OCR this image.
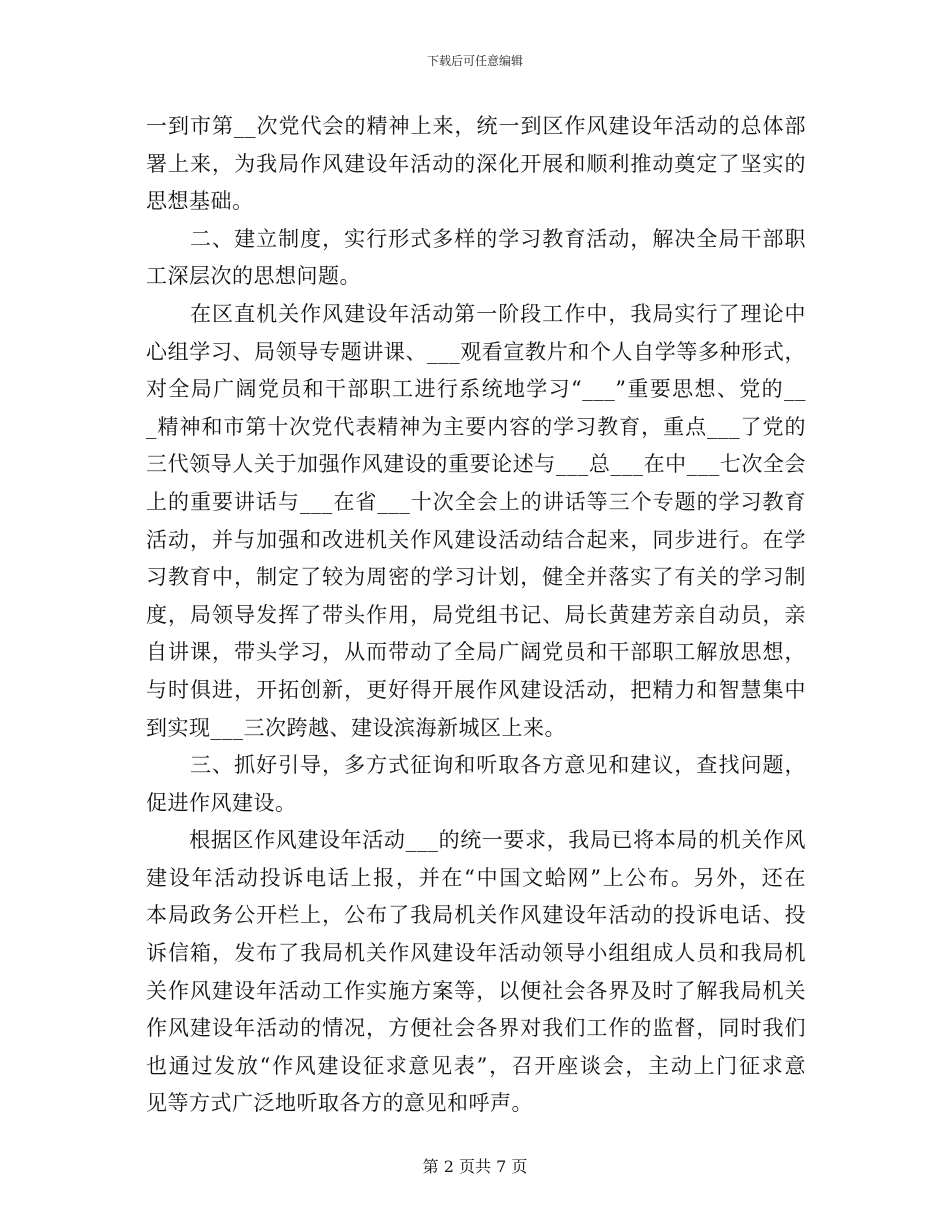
下载后可任意编辑
一到市第__次党代会的精神上来，统一到区作风建设年活动的总体部
署上来，为我局作风建设年活动的深化开展和顺利推动奠定了坚实的
思想基础。
　　二、建立制度，实行形式多样的学习教育活动，解决全局干部职
工深层次的思想问题。
　　在区直机关作风建设年活动第一阶段工作中，我局实行了理论中
心组学习、局领导专题讲课、___观看宣教片和个人自学等多种形式，
对全局广阔党员和干部职工进行系统地学习“___”重要思想、党的__
_精神和市第十次党代表精神为主要内容的学习教育，重点___了党的
三代领导人关于加强作风建设的重要论述与___总___在中___七次全会
上的重要讲话与___在省___十次全会上的讲话等三个专题的学习教育
活动，并与加强和改进机关作风建设活动结合起来，同步进行。在学
习教育中，制定了较为周密的学习计划，健全并落实了有关的学习制
度，局领导发挥了带头作用，局党组书记、局长黄建芳亲自动员，亲
自讲课，带头学习，从而带动了全局广阔党员和干部职工解放思想，
与时俱进，开拓创新，更好得开展作风建设活动，把精力和智慧集中
到实现___三次跨越、建设滨海新城区上来。
　　三、抓好引导，多方式征询和听取各方意见和建议，查找问题，
促进作风建设。
　　根据区作风建设年活动___的统一要求，我局已将本局的机关作风
建设年活动投诉电话上报，并在“中国文蛤网”上公布。另外，还在
本局政务公开栏上，公布了我局机关作风建设年活动的投诉电话、投
诉信箱，发布了我局机关作风建设年活动领导小组组成人员和我局机
关作风建设年活动工作实施方案等，以便社会各界及时了解我局机关
作风建设年活动的情况，方便社会各界对我们工作的监督，同时我们
也通过发放“作风建设征求意见表”，召开座谈会，主动上门征求意
见等方式广泛地听取各方的意见和呼声。
第 2 页共 7 页
